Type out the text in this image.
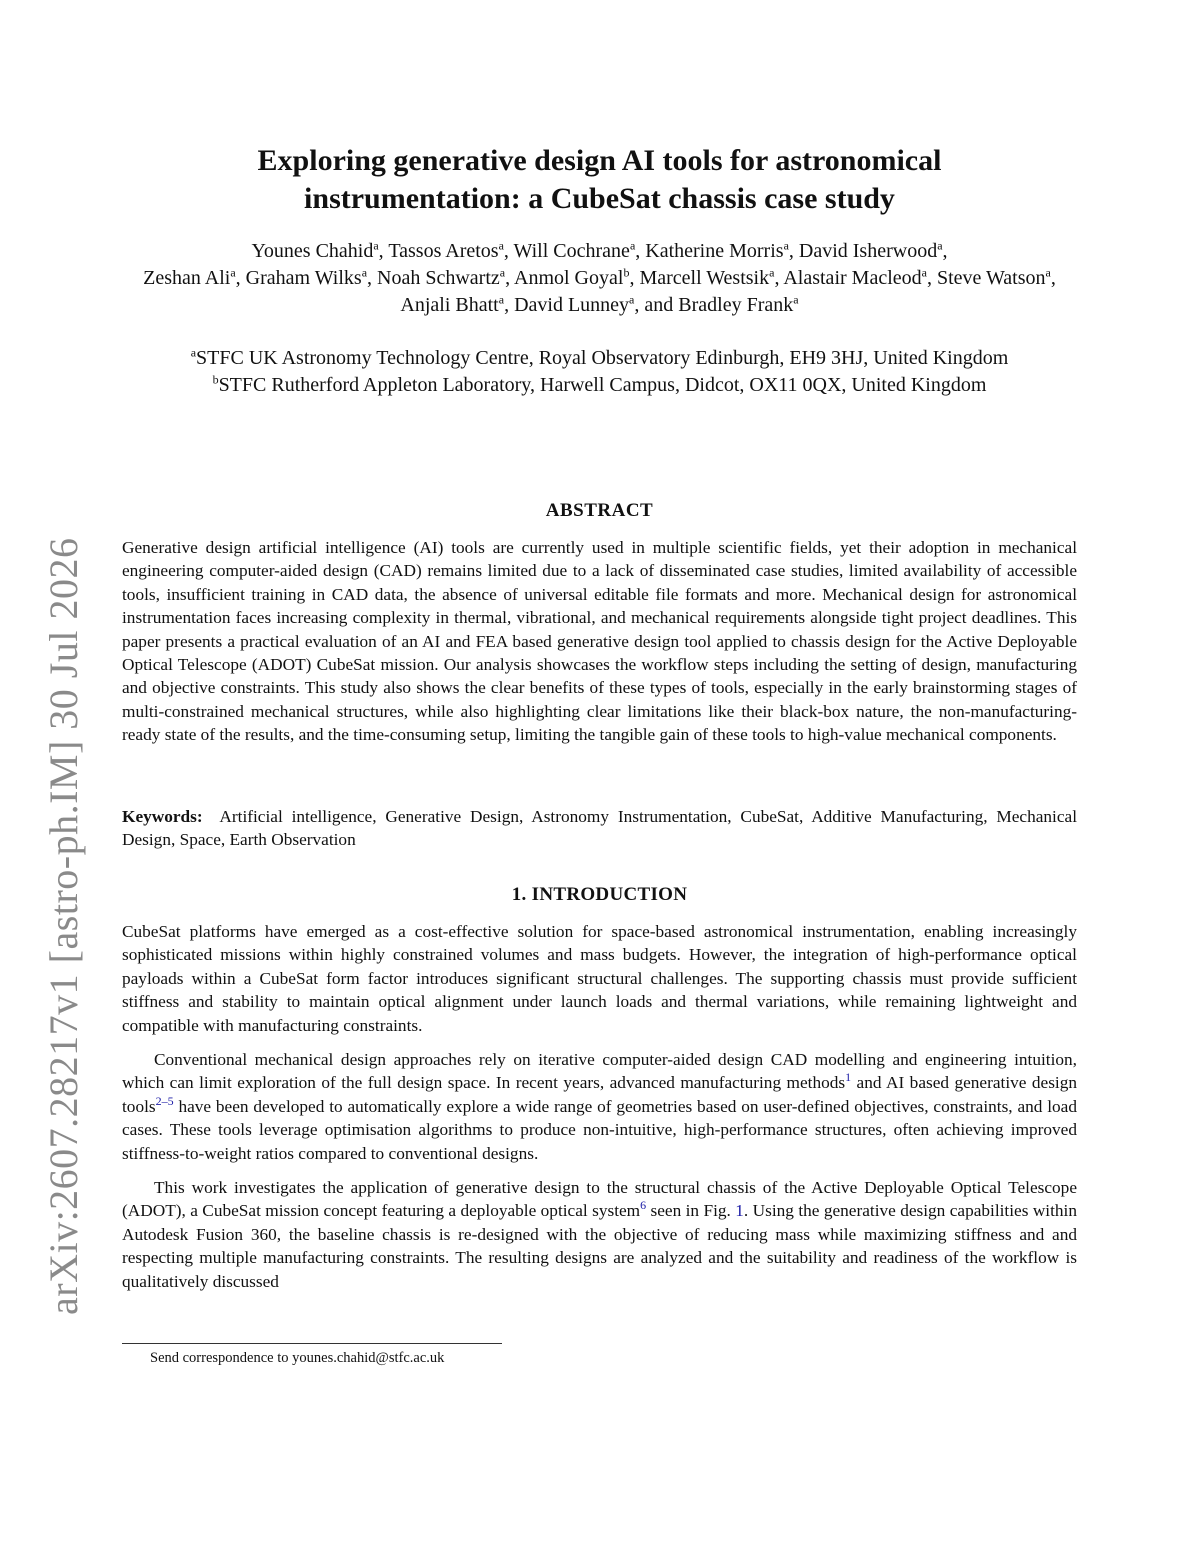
arXiv:2607.28217v1 [astro-ph.IM] 30 Jul 2026
Exploring generative design AI tools for astronomical
instrumentation: a CubeSat chassis case study
Younes Chahid$^a$, Tassos Aretos$^a$, Will Cochrane$^a$, Katherine Morris$^a$, David Isherwood$^a$,
Zeshan Ali$^a$, Graham Wilks$^a$, Noah Schwartz$^a$, Anmol Goyal$^b$, Marcell Westsik$^a$, Alastair Macleod$^a$, Steve Watson$^a$, Anjali Bhatt$^a$, David Lunney$^a$, and Bradley Frank$^a$
$^a$STFC UK Astronomy Technology Centre, Royal Observatory Edinburgh, EH9 3HJ, United Kingdom
$^b$STFC Rutherford Appleton Laboratory, Harwell Campus, Didcot, OX11 0QX, United Kingdom
ABSTRACT

Generative design artificial intelligence (AI) tools are currently used in multiple scientific fields, yet their adoption in mechanical engineering computer-aided design (CAD) remains limited due to a lack of disseminated case studies, limited availability of accessible tools, insufficient training in CAD data, the absence of universal editable file formats and more. Mechanical design for astronomical instrumentation faces increasing complexity in thermal, vibrational, and mechanical requirements alongside tight project deadlines. This paper presents a practical evaluation of an AI and FEA based generative design tool applied to chassis design for the Active Deployable Optical Telescope (ADOT) CubeSat mission. Our analysis showcases the workflow steps including the setting of design, manufacturing and objective constraints. This study also shows the clear benefits of these types of tools, especially in the early brainstorming stages of multi-constrained mechanical structures, while also highlighting clear limitations like their black-box nature, the non-manufacturing-ready state of the results, and the time-consuming setup, limiting the tangible gain of these tools to high-value mechanical components.

Keywords: Artificial intelligence, Generative Design, Astronomy Instrumentation, CubeSat, Additive Manufacturing, Mechanical Design, Space, Earth Observation

1. INTRODUCTION

CubeSat platforms have emerged as a cost-effective solution for space-based astronomical instrumentation, enabling increasingly sophisticated missions within highly constrained volumes and mass budgets. However, the integration of high-performance optical payloads within a CubeSat form factor introduces significant structural challenges. The supporting chassis must provide sufficient stiffness and stability to maintain optical alignment under launch loads and thermal variations, while remaining lightweight and compatible with manufacturing constraints.

Conventional mechanical design approaches rely on iterative computer-aided design CAD modelling and engineering intuition, which can limit exploration of the full design space. In recent years, advanced manufacturing methods$^1$ and AI based generative design tools$^{2-5}$ have been developed to automatically explore a wide range of geometries based on user-defined objectives, constraints, and load cases. These tools leverage optimisation algorithms to produce non-intuitive, high-performance structures, often achieving improved stiffness-to-weight ratios compared to conventional designs.

This work investigates the application of generative design to the structural chassis of the Active Deployable Optical Telescope (ADOT), a CubeSat mission concept featuring a deployable optical system$^6$ seen in Fig. 1. Using the generative design capabilities within Autodesk Fusion 360, the baseline chassis is re-designed with the objective of reducing mass while maximizing stiffness and and respecting multiple manufacturing constraints. The resulting designs are analyzed and the suitability and readiness of the workflow is qualitatively discussed

Send correspondence to younes.chahid@stfc.ac.uk
